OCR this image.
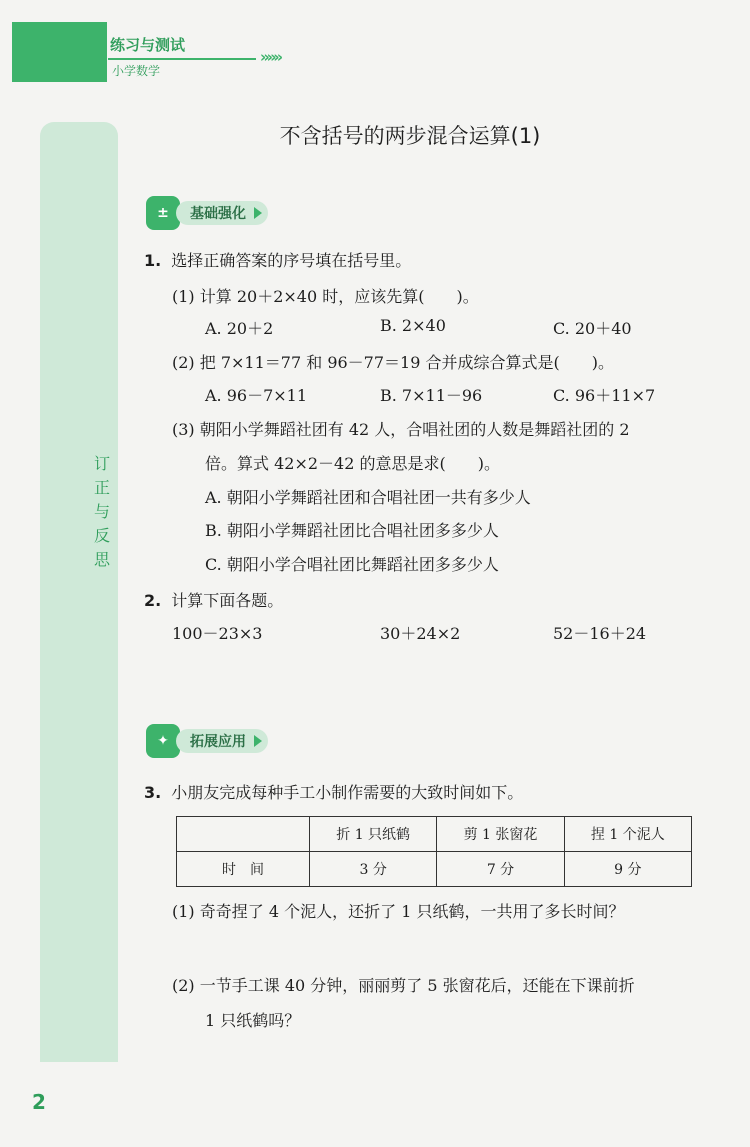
练习与测试
小学数学
»»»
订
正
与
反
思
不含括号的两步混合运算(1)
±	基础强化
1. 选择正确答案的序号填在括号里。
(1) 计算 20＋2×40 时，应该先算(　　)。
A. 20＋2	B. 2×40	C. 20＋40
(2) 把 7×11＝77 和 96－77＝19 合并成综合算式是(　　)。
A. 96－7×11	B. 7×11－96	C. 96＋11×7
(3) 朝阳小学舞蹈社团有 42 人，合唱社团的人数是舞蹈社团的 2
倍。算式 42×2－42 的意思是求(　　)。
A. 朝阳小学舞蹈社团和合唱社团一共有多少人
B. 朝阳小学舞蹈社团比合唱社团多多少人
C. 朝阳小学合唱社团比舞蹈社团多多少人
2. 计算下面各题。
100－23×3	30＋24×2	52－16＋24
✦	拓展应用
3. 小朋友完成每种手工小制作需要的大致时间如下。
	折 1 只纸鹤	剪 1 张窗花	捏 1 个泥人
时　间	3 分	7 分	9 分
(1) 奇奇捏了 4 个泥人，还折了 1 只纸鹤，一共用了多长时间？
(2) 一节手工课 40 分钟，丽丽剪了 5 张窗花后，还能在下课前折
1 只纸鹤吗？
2
